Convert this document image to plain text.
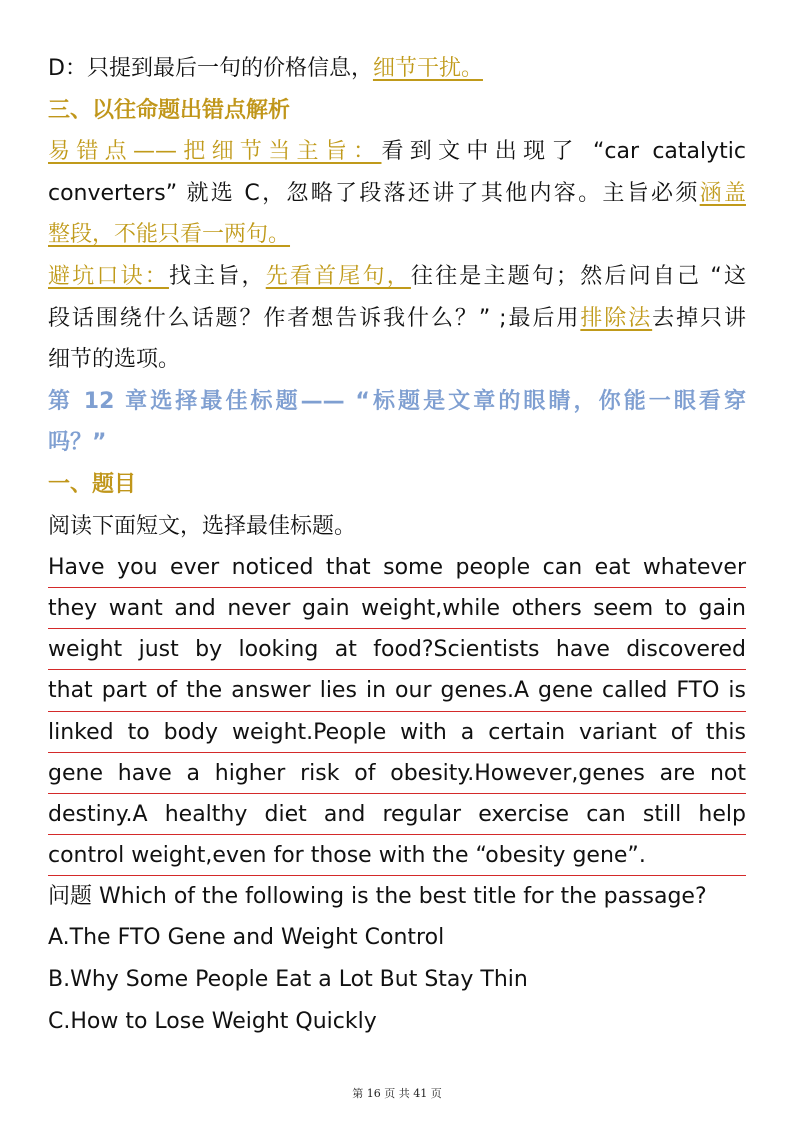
D：只提到最后一句的价格信息，细节干扰。
三、以往命题出错点解析
易错点——把细节当主旨：看到文中出现了 “car catalytic
converters” 就选 C，忽略了段落还讲了其他内容。主旨必须涵盖
整段，不能只看一两句。
避坑口诀：找主旨，先看首尾句，往往是主题句；然后问自己 “这
段话围绕什么话题？作者想告诉我什么？” ;最后用排除法去掉只讲
细节的选项。
第 12 章选择最佳标题—— “标题是文章的眼睛，你能一眼看穿
吗？”
一、题目
阅读下面短文，选择最佳标题。
Have you ever noticed that some people can eat whatever
they want and never gain weight,while others seem to gain
weight just by looking at food?Scientists have discovered
that part of the answer lies in our genes.A gene called FTO is
linked to body weight.People with a certain variant of this
gene have a higher risk of obesity.However,genes are not
destiny.A healthy diet and regular exercise can still help
control weight,even for those with the “obesity gene”.
问题 Which of the following is the best title for the passage?
A.The FTO Gene and Weight Control
B.Why Some People Eat a Lot But Stay Thin
C.How to Lose Weight Quickly
第 16 页 共 41 页
